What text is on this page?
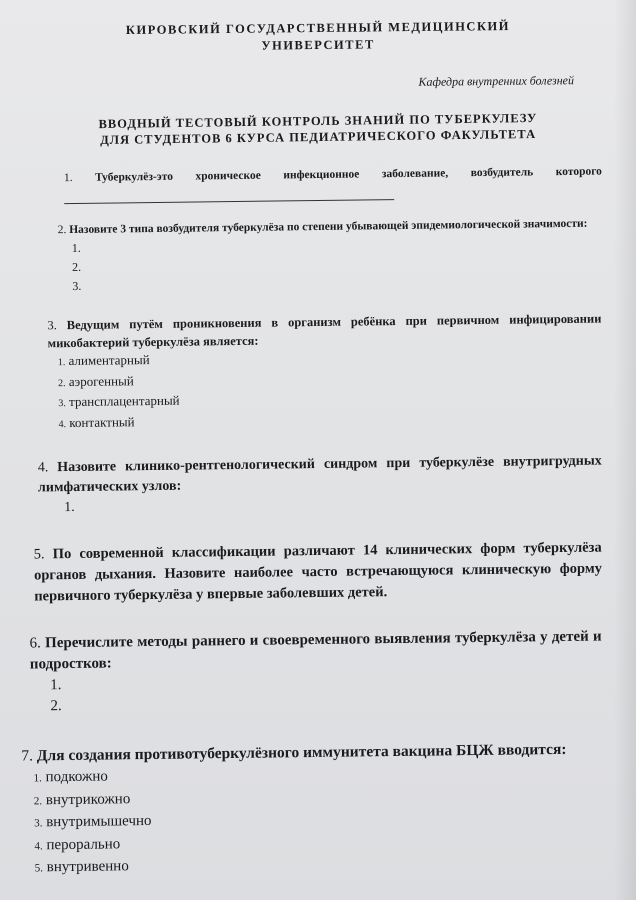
КИРОВСКИЙ ГОСУДАРСТВЕННЫЙ МЕДИЦИНСКИЙ
УНИВЕРСИТЕТ
Кафедра внутренних болезней
ВВОДНЫЙ ТЕСТОВЫЙ КОНТРОЛЬ ЗНАНИЙ ПО ТУБЕРКУЛЕЗУ
ДЛЯ СТУДЕНТОВ 6 КУРСА ПЕДИАТРИЧЕСКОГО ФАКУЛЬТЕТА
1. Туберкулёз-это хроническое инфекционное заболевание, возбудитель которого
2. Назовите 3 типа возбудителя туберкулёза по степени убывающей эпидемиологической значимости:
1.
2.
3.
3. Ведущим путём проникновения в организм ребёнка при первичном инфицировании микобактерий туберкулёза является:
1. алиментарный
2. аэрогенный
3. трансплацентарный
4. контактный
4. Назовите клинико-рентгенологический синдром при туберкулёзе внутригрудных лимфатических узлов:
1.
5. По современной классификации различают 14 клинических форм туберкулёза органов дыхания. Назовите наиболее часто встречающуюся клиническую форму первичного туберкулёза у впервые заболевших детей.
6. Перечислите методы раннего и своевременного выявления туберкулёза у детей и подростков:
1.
2.
7. Для создания противотуберкулёзного иммунитета вакцина БЦЖ вводится:
1. подкожно
2. внутрикожно
3. внутримышечно
4. перорально
5. внутривенно
